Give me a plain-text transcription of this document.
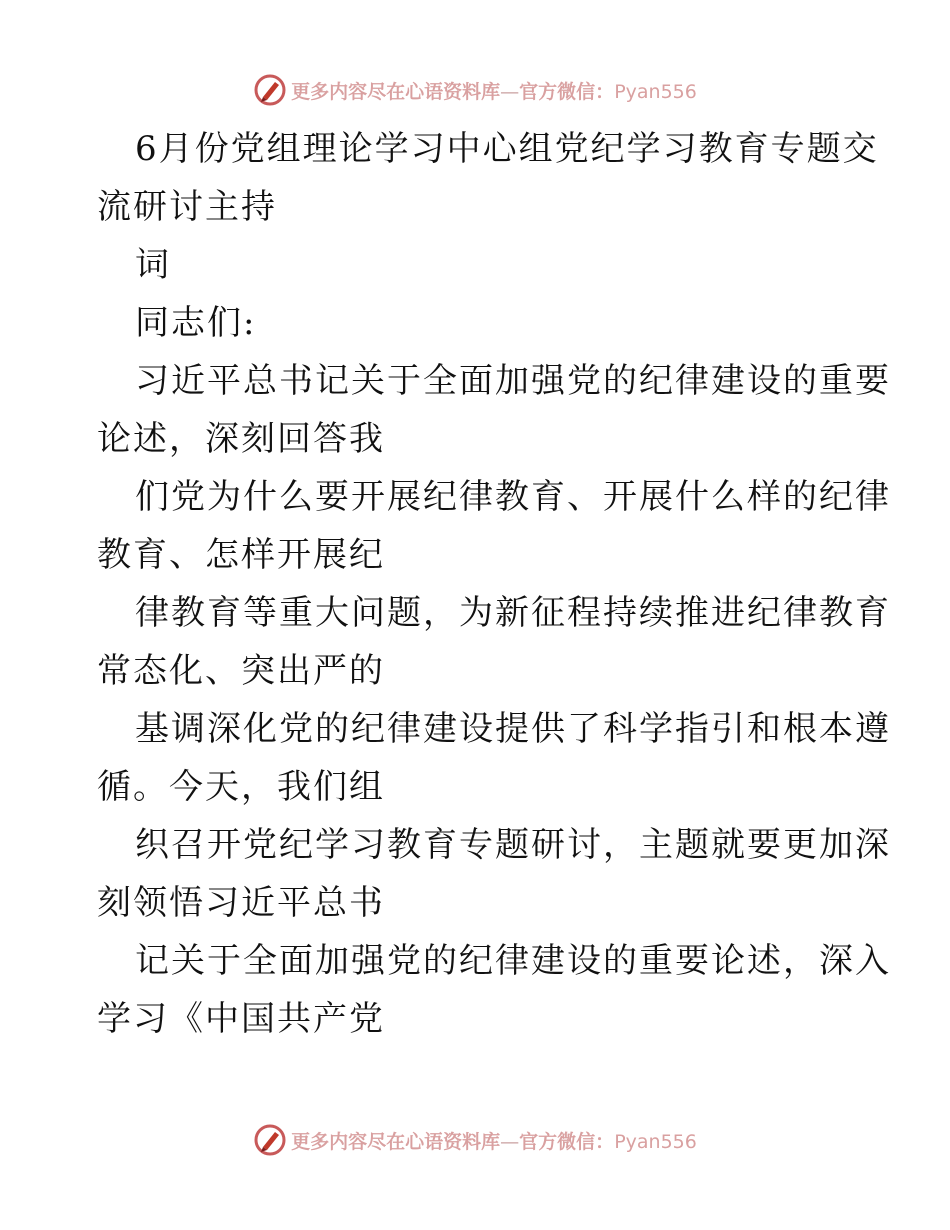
更多内容尽在心语资料库—官方微信：Pyan556
6月份党组理论学习中心组党纪学习教育专题交
流研讨主持
词
同志们:
习近平总书记关于全面加强党的纪律建设的重要
论述，深刻回答我
们党为什么要开展纪律教育、开展什么样的纪律
教育、怎样开展纪
律教育等重大问题，为新征程持续推进纪律教育
常态化、突出严的
基调深化党的纪律建设提供了科学指引和根本遵
循。今天，我们组
织召开党纪学习教育专题研讨，主题就要更加深
刻领悟习近平总书
记关于全面加强党的纪律建设的重要论述，深入
学习《中国共产党
更多内容尽在心语资料库—官方微信：Pyan556
